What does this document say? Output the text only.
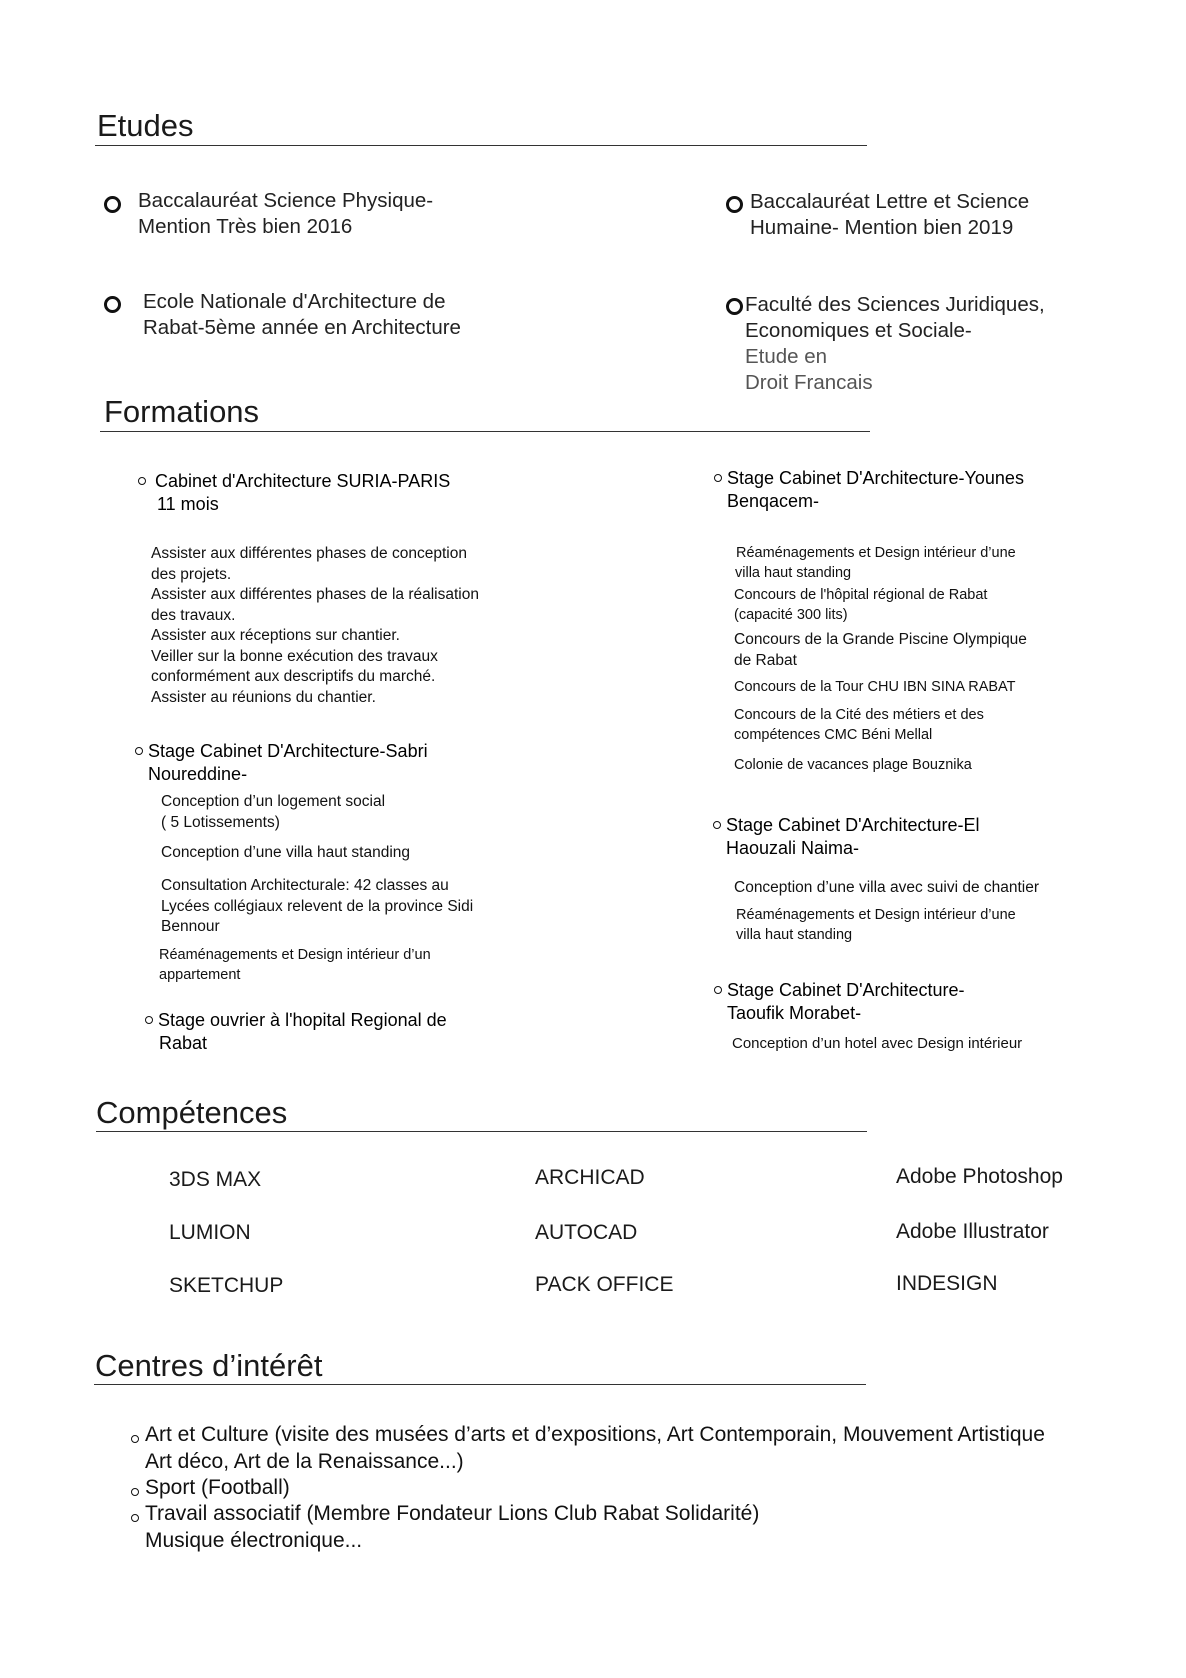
Etudes
Baccalauréat Science Physique-
Mention Très bien 2016
Baccalauréat Lettre et Science
Humaine- Mention bien 2019
Ecole Nationale d'Architecture de
Rabat-5ème année en Architecture
Faculté des Sciences Juridiques,
Economiques et Sociale-
Etude en
Droit Francais
Formations
Cabinet d'Architecture SURIA-PARIS
11 mois
Assister aux différentes phases de conception
des projets.
Assister aux différentes phases de la réalisation
des travaux.
Assister aux réceptions sur chantier.
Veiller sur la bonne exécution des travaux
conformément aux descriptifs du marché.
Assister au réunions du chantier.
Stage Cabinet D'Architecture-Sabri
Noureddine-
Conception d’un logement social
( 5 Lotissements)
Conception d’une villa haut standing
Consultation Architecturale: 42 classes au
Lycées collégiaux relevent de la province Sidi
Bennour
Réaménagements et Design intérieur d’un
appartement
Stage ouvrier à l'hopital Regional de
Rabat
Stage Cabinet D'Architecture-Younes
Benqacem-
Réaménagements et Design intérieur d’une
villa haut standing
Concours de l'hôpital régional de Rabat
(capacité 300 lits)
Concours de la Grande Piscine Olympique
de Rabat
Concours de la Tour CHU IBN SINA RABAT
Concours de la Cité des métiers et des
compétences CMC Béni Mellal
Colonie de vacances plage Bouznika
Stage Cabinet D'Architecture-El
Haouzali Naima-
Conception d’une villa avec suivi de chantier
Réaménagements et Design intérieur d’une
villa haut standing
Stage Cabinet D'Architecture-
Taoufik Morabet-
Conception d’un hotel avec Design intérieur
Compétences
3DS MAX	ARCHICAD	Adobe Photoshop
LUMION	AUTOCAD	Adobe Illustrator
SKETCHUP	PACK OFFICE	INDESIGN
Centres d’intérêt
Art et Culture (visite des musées d’arts et d’expositions, Art Contemporain, Mouvement Artistique
Art déco, Art de la Renaissance...)
Sport (Football)
Travail associatif (Membre Fondateur Lions Club Rabat Solidarité)
Musique électronique...
